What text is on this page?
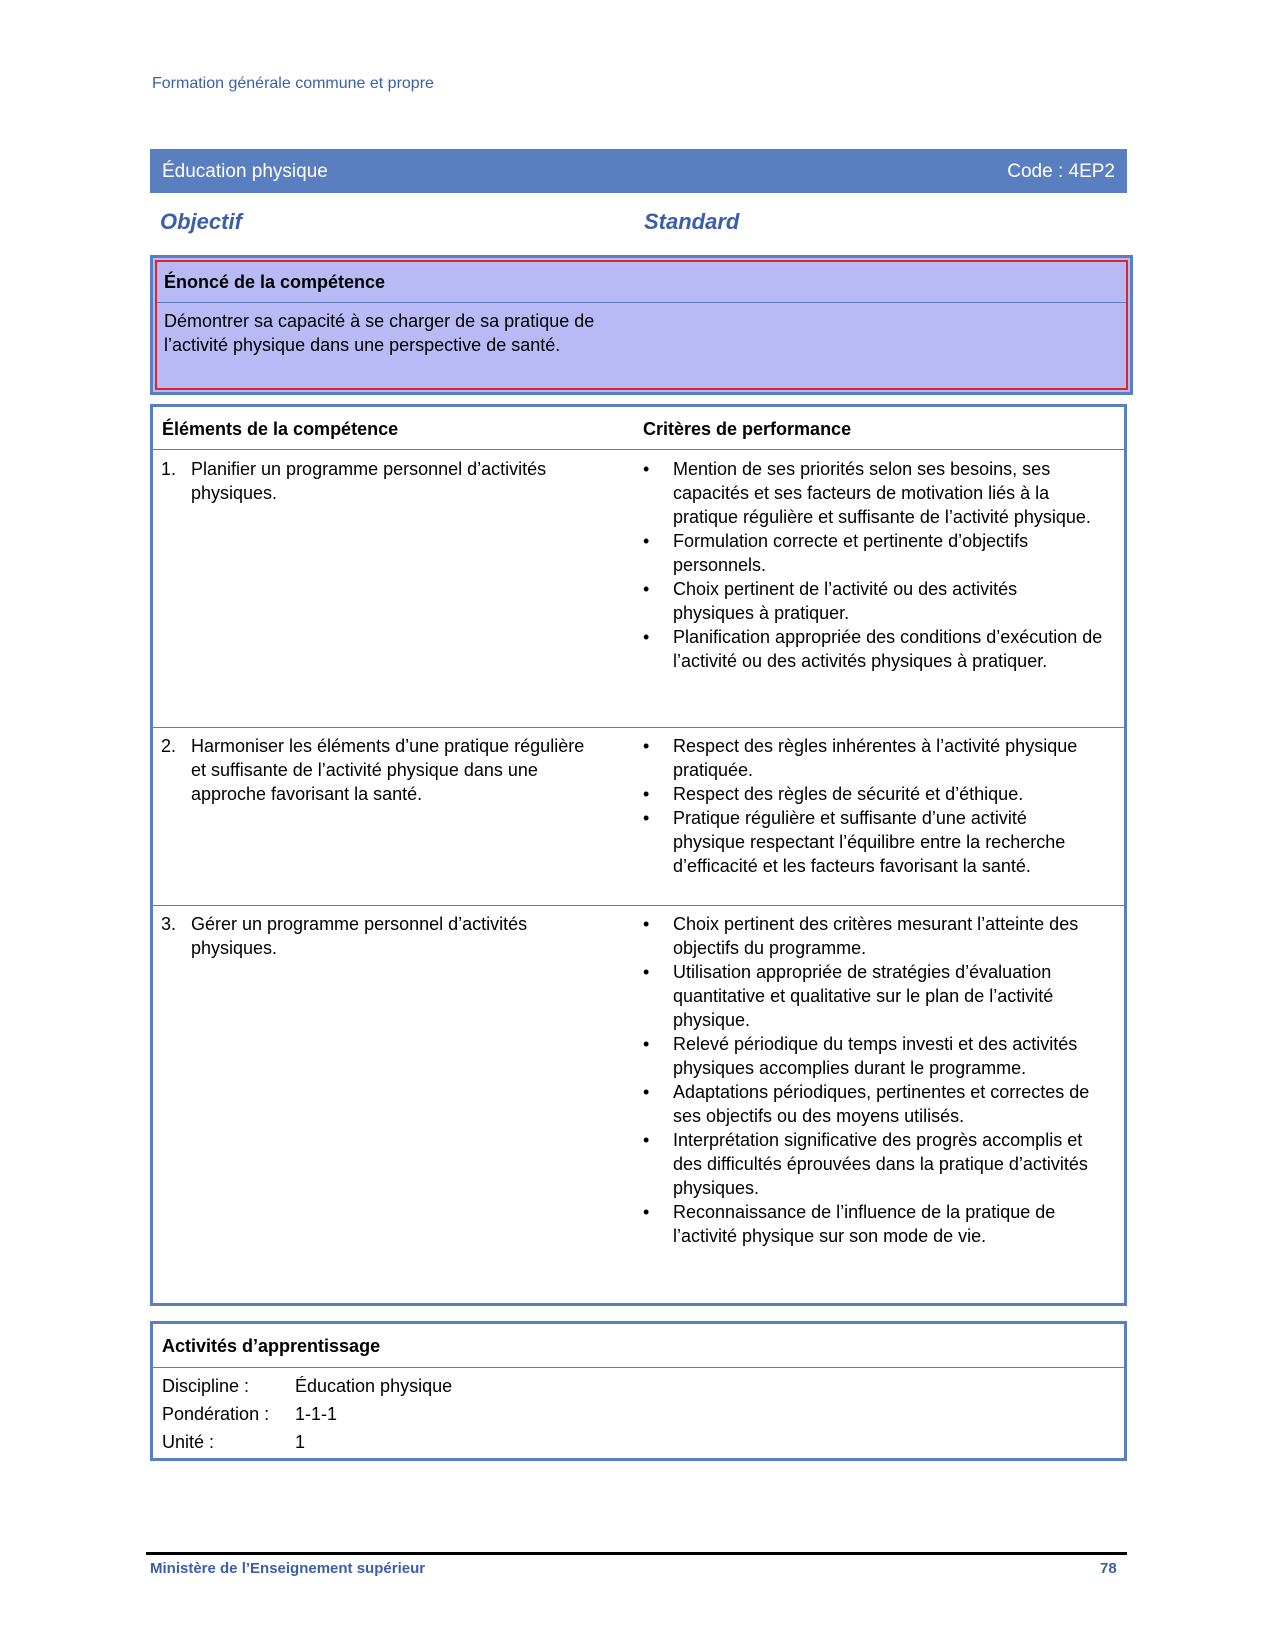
Formation générale commune et propre
Éducation physique	Code : 4EP2
Objectif	Standard
Énoncé de la compétence
Démontrer sa capacité à se charger de sa pratique de l’activité physique dans une perspective de santé.
Éléments de la compétence	Critères de performance
1. Planifier un programme personnel d’activités physiques.
• Mention de ses priorités selon ses besoins, ses capacités et ses facteurs de motivation liés à la pratique régulière et suffisante de l’activité physique.
• Formulation correcte et pertinente d’objectifs personnels.
• Choix pertinent de l’activité ou des activités physiques à pratiquer.
• Planification appropriée des conditions d’exécution de l’activité ou des activités physiques à pratiquer.
2. Harmoniser les éléments d’une pratique régulière et suffisante de l’activité physique dans une approche favorisant la santé.
• Respect des règles inhérentes à l’activité physique pratiquée.
• Respect des règles de sécurité et d’éthique.
• Pratique régulière et suffisante d’une activité physique respectant l’équilibre entre la recherche d’efficacité et les facteurs favorisant la santé.
3. Gérer un programme personnel d’activités physiques.
• Choix pertinent des critères mesurant l’atteinte des objectifs du programme.
• Utilisation appropriée de stratégies d’évaluation quantitative et qualitative sur le plan de l’activité physique.
• Relevé périodique du temps investi et des activités physiques accomplies durant le programme.
• Adaptations périodiques, pertinentes et correctes de ses objectifs ou des moyens utilisés.
• Interprétation significative des progrès accomplis et des difficultés éprouvées dans la pratique d’activités physiques.
• Reconnaissance de l’influence de la pratique de l’activité physique sur son mode de vie.
Activités d’apprentissage
Discipline :	Éducation physique
Pondération : 1-1-1
Unité :	1
Ministère de l’Enseignement supérieur	78
